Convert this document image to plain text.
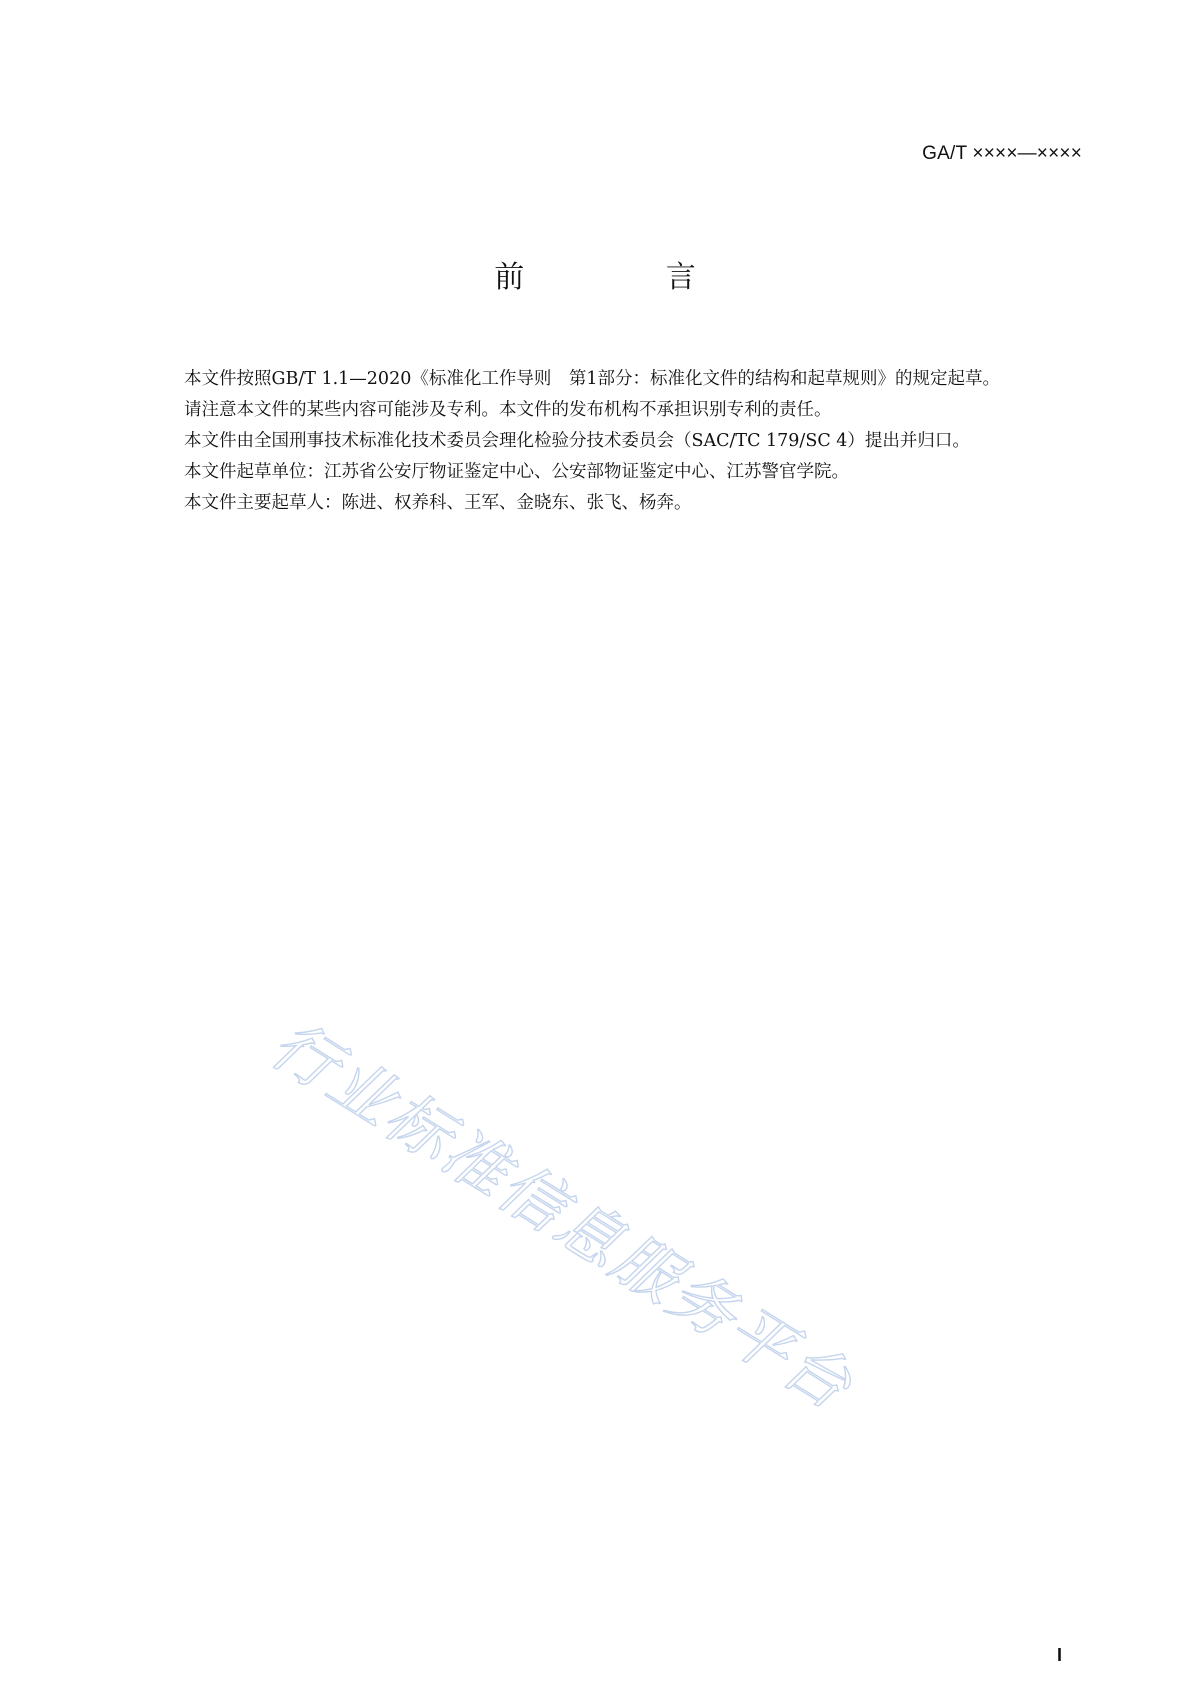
GA/T ××××—××××
前 言

本文件按照GB/T 1.1—2020《标准化工作导则　第1部分：标准化文件的结构和起草规则》的规定起草。

请注意本文件的某些内容可能涉及专利。本文件的发布机构不承担识别专利的责任。

本文件由全国刑事技术标准化技术委员会理化检验分技术委员会（SAC/TC 179/SC 4）提出并归口。

本文件起草单位：江苏省公安厅物证鉴定中心、公安部物证鉴定中心、江苏警官学院。

本文件主要起草人：陈进、权养科、王军、金晓东、张飞、杨奔。

行业标准信息服务平台
I
